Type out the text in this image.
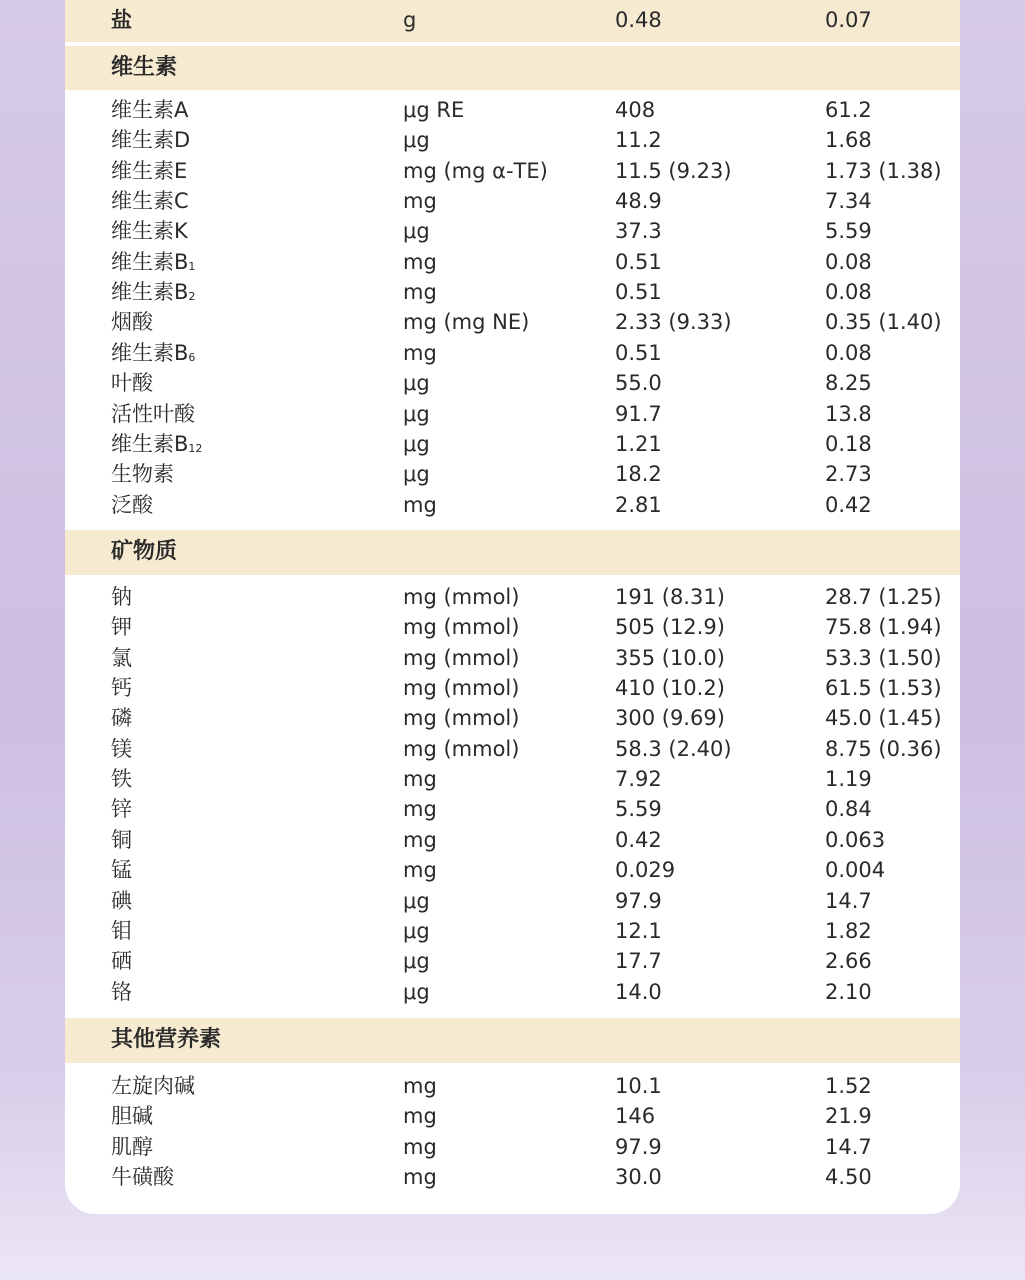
盐	g	0.48	0.07
维生素
维生素A	μg RE	408	61.2
维生素D	μg	11.2	1.68
维生素E	mg (mg α-TE)	11.5 (9.23)	1.73 (1.38)
维生素C	mg	48.9	7.34
维生素K	μg	37.3	5.59
维生素$B_1$	mg	0.51	0.08
维生素$B_2$	mg	0.51	0.08
烟酸	mg (mg NE)	2.33 (9.33)	0.35 (1.40)
维生素$B_6$	mg	0.51	0.08
叶酸	μg	55.0	8.25
活性叶酸	μg	91.7	13.8
维生素$B_{12}$	μg	1.21	0.18
生物素	μg	18.2	2.73
泛酸	mg	2.81	0.42
矿物质
钠	mg (mmol)	191 (8.31)	28.7 (1.25)
钾	mg (mmol)	505 (12.9)	75.8 (1.94)
氯	mg (mmol)	355 (10.0)	53.3 (1.50)
钙	mg (mmol)	410 (10.2)	61.5 (1.53)
磷	mg (mmol)	300 (9.69)	45.0 (1.45)
镁	mg (mmol)	58.3 (2.40)	8.75 (0.36)
铁	mg	7.92	1.19
锌	mg	5.59	0.84
铜	mg	0.42	0.063
锰	mg	0.029	0.004
碘	μg	97.9	14.7
钼	μg	12.1	1.82
硒	μg	17.7	2.66
铬	μg	14.0	2.10
其他营养素
左旋肉碱	mg	10.1	1.52
胆碱	mg	146	21.9
肌醇	mg	97.9	14.7
牛磺酸	mg	30.0	4.50
